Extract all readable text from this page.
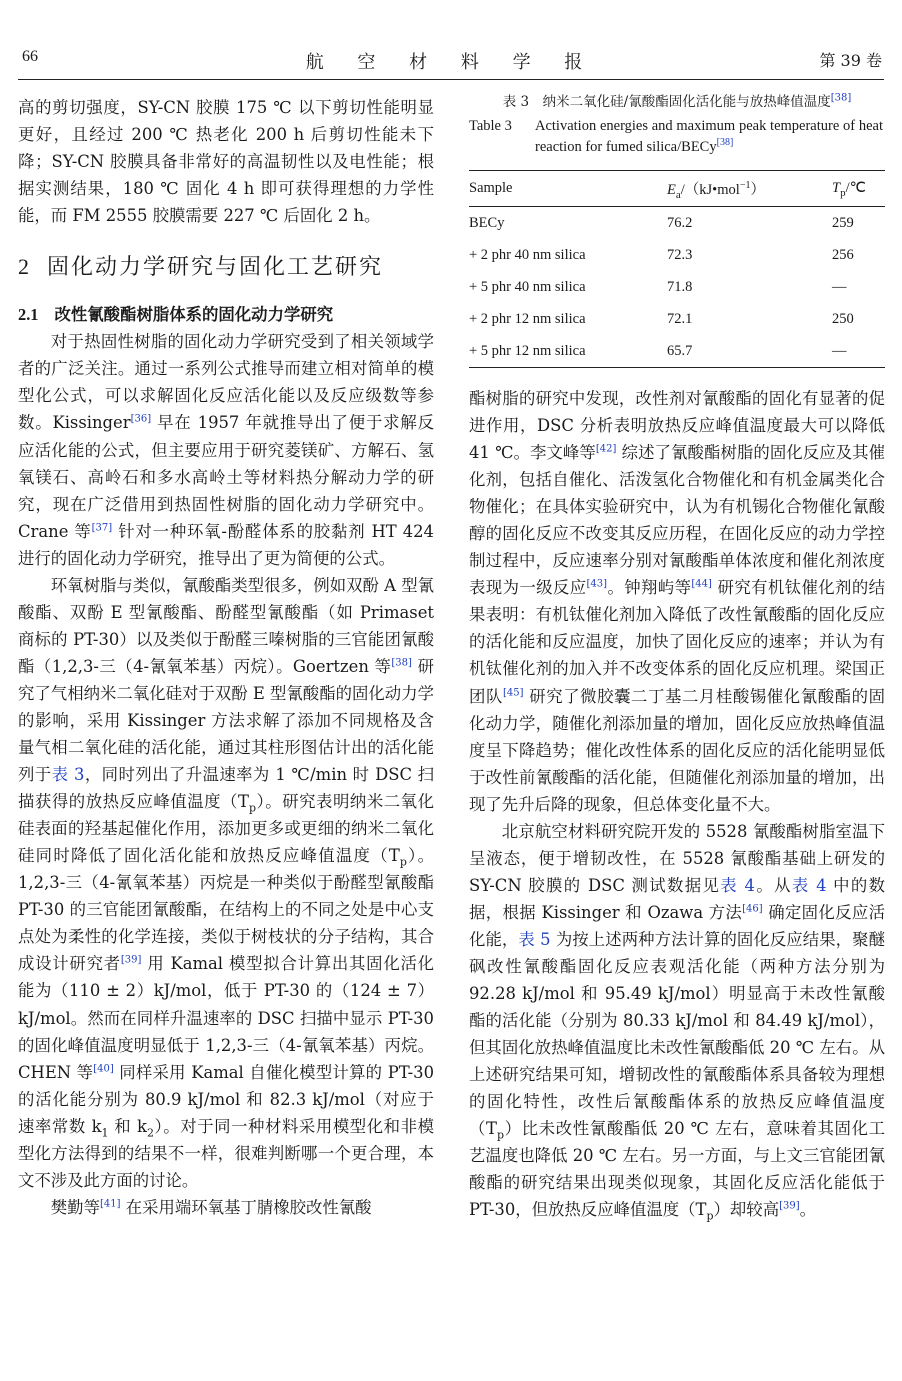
66	航 空 材 料 学 报	第 39 卷

高的剪切强度，SY-CN 胶膜 175 ℃ 以下剪切性能明显更好，且经过 200 ℃ 热老化 200 h 后剪切性能未下降；SY-CN 胶膜具备非常好的高温韧性以及电性能；根据实测结果，180 ℃ 固化 4 h 即可获得理想的力学性能，而 FM 2555 胶膜需要 227 ℃ 后固化 2 h。

2 固化动力学研究与固化工艺研究
2.1 改性氰酸酯树脂体系的固化动力学研究

对于热固性树脂的固化动力学研究受到了相关领域学者的广泛关注。通过一系列公式推导而建立相对简单的模型化公式，可以求解固化反应活化能以及反应级数等参数。Kissinger[36] 早在 1957 年就推导出了便于求解反应活化能的公式，但主要应用于研究菱镁矿、方解石、氢氧镁石、高岭石和多水高岭土等材料热分解动力学的研究，现在广泛借用到热固性树脂的固化动力学研究中。Crane 等[37] 针对一种环氧-酚醛体系的胶黏剂 HT 424 进行的固化动力学研究，推导出了更为简便的公式。

环氧树脂与类似，氰酸酯类型很多，例如双酚 A 型氰酸酯、双酚 E 型氰酸酯、酚醛型氰酸酯（如 Primaset 商标的 PT-30）以及类似于酚醛三嗪树脂的三官能团氰酸酯（1,2,3-三（4-氰氧苯基）丙烷）。Goertzen 等[38] 研究了气相纳米二氧化硅对于双酚 E 型氰酸酯的固化动力学的影响，采用 Kissinger 方法求解了添加不同规格及含量气相二氧化硅的活化能，通过其柱形图估计出的活化能列于表 3，同时列出了升温速率为 1 ℃/min 时 DSC 扫描获得的放热反应峰值温度$(T_p)$。研究表明纳米二氧化硅表面的羟基起催化作用，添加更多或更细的纳米二氧化硅同时降低了固化活化能和放热反应峰值温度$(T_p)$。1,2,3-三（4-氰氧苯基）丙烷是一种类似于酚醛型氰酸酯 PT-30 的三官能团氰酸酯，在结构上的不同之处是中心支点处为柔性的化学连接，类似于树枝状的分子结构，其合成设计研究者[39] 用 Kamal 模型拟合计算出其固化活化能为（110 ± 2）kJ/mol，低于 PT-30 的（124 ± 7）kJ/mol。然而在同样升温速率的 DSC 扫描中显示 PT-30 的固化峰值温度明显低于 1,2,3-三（4-氰氧苯基）丙烷。CHEN 等[40] 同样采用 Kamal 自催化模型计算的 PT-30 的活化能分别为 80.9 kJ/mol 和 82.3 kJ/mol（对应于速率常数 $k_1$ 和 $k_2$）。对于同一种材料采用模型化和非模型化方法得到的结果不一样，很难判断哪一个更合理，本文不涉及此方面的讨论。

樊勤等[41] 在采用端环氧基丁腈橡胶改性氰酸

表 3　纳米二氧化硅/氰酸酯固化活化能与放热峰值温度[38]
Table 3 Activation energies and maximum peak temperature of heat reaction for fumed silica/BECy[38]
Sample	$E_a/(kJ•mol^{-1})$	$T_p/℃$
BECy	76.2	259
+ 2 phr 40 nm silica	72.3	256
+ 5 phr 40 nm silica	71.8	—
+ 2 phr 12 nm silica	72.1	250
+ 5 phr 12 nm silica	65.7	—

酯树脂的研究中发现，改性剂对氰酸酯的固化有显著的促进作用，DSC 分析表明放热反应峰值温度最大可以降低 41 ℃。李文峰等[42] 综述了氰酸酯树脂的固化反应及其催化剂，包括自催化、活泼氢化合物催化和有机金属类化合物催化；在具体实验研究中，认为有机锡化合物催化氰酸醇的固化反应不改变其反应历程，在固化反应的动力学控制过程中，反应速率分别对氰酸酯单体浓度和催化剂浓度表现为一级反应[43]。钟翔屿等[44] 研究有机钛催化剂的结果表明：有机钛催化剂加入降低了改性氰酸酯的固化反应的活化能和反应温度，加快了固化反应的速率；并认为有机钛催化剂的加入并不改变体系的固化反应机理。梁国正团队[45] 研究了微胶囊二丁基二月桂酸锡催化氰酸酯的固化动力学，随催化剂添加量的增加，固化反应放热峰值温度呈下降趋势；催化改性体系的固化反应的活化能明显低于改性前氰酸酯的活化能，但随催化剂添加量的增加，出现了先升后降的现象，但总体变化量不大。

北京航空材料研究院开发的 5528 氰酸酯树脂室温下呈液态，便于增韧改性，在 5528 氰酸酯基础上研发的 SY-CN 胶膜的 DSC 测试数据见表 4。从表 4 中的数据，根据 Kissinger 和 Ozawa 方法[46] 确定固化反应活化能，表 5 为按上述两种方法计算的固化反应结果，聚醚砜改性氰酸酯固化反应表观活化能（两种方法分别为 92.28 kJ/mol 和 95.49 kJ/mol）明显高于未改性氰酸酯的活化能（分别为 80.33 kJ/mol 和 84.49 kJ/mol），但其固化放热峰值温度比未改性氰酸酯低 20 ℃ 左右。从上述研究结果可知，增韧改性的氰酸酯体系具备较为理想的固化特性，改性后氰酸酯体系的放热反应峰值温度$(T_p)$比未改性氰酸酯低 20 ℃ 左右，意味着其固化工艺温度也降低 20 ℃ 左右。另一方面，与上文三官能团氰酸酯的研究结果出现类似现象，其固化反应活化能低于 PT-30，但放热反应峰值温度$(T_p)$却较高[39]。
